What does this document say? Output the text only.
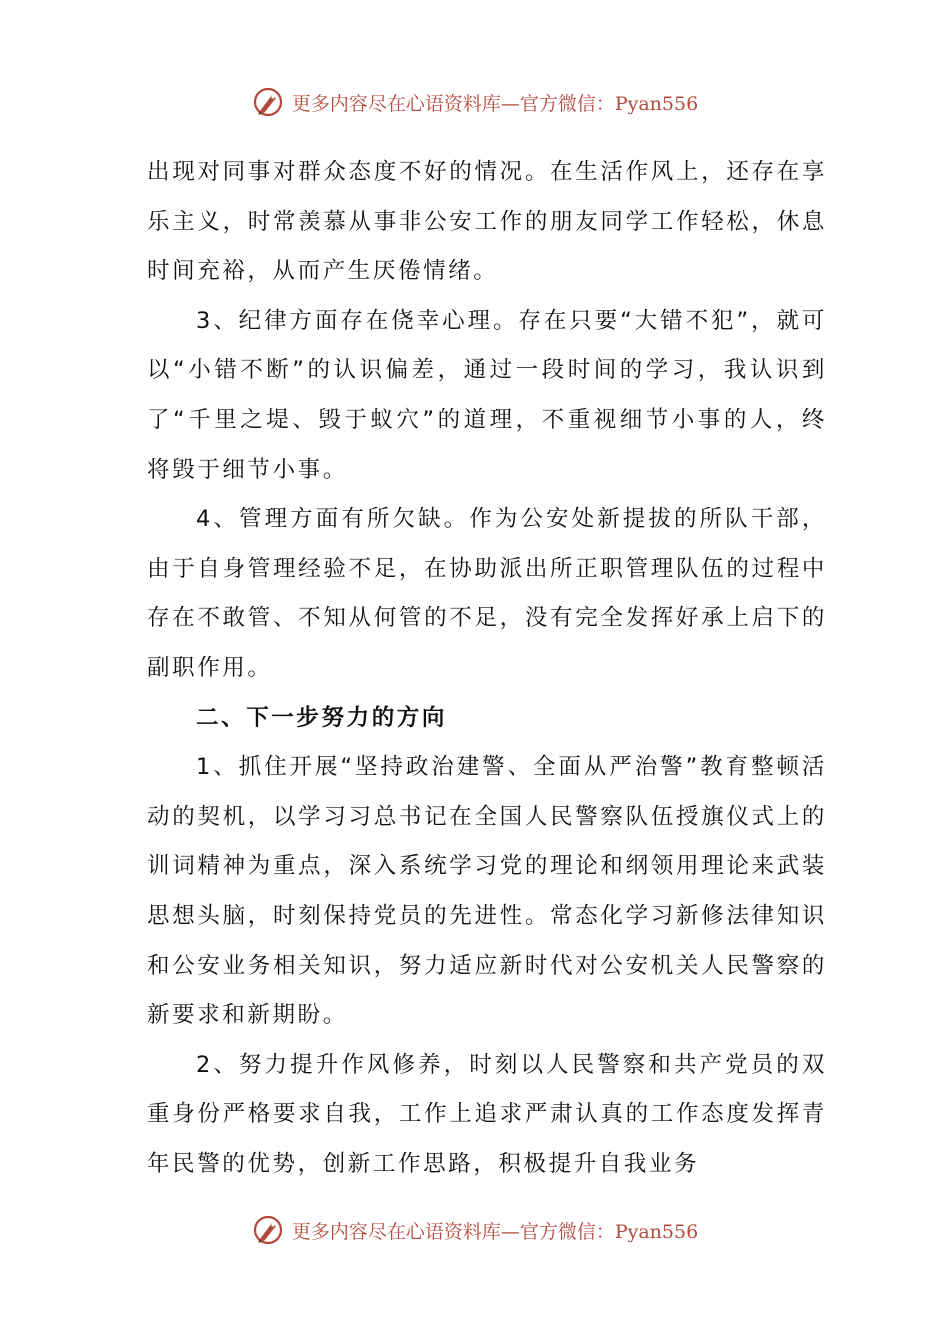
更多内容尽在心语资料库—官方微信：Pyan556

出现对同事对群众态度不好的情况。在生活作风上，还存在享乐主义，时常羡慕从事非公安工作的朋友同学工作轻松，休息时间充裕，从而产生厌倦情绪。

3、纪律方面存在侥幸心理。存在只要“大错不犯”，就可以“小错不断”的认识偏差，通过一段时间的学习，我认识到了“千里之堤、毁于蚁穴”的道理，不重视细节小事的人，终将毁于细节小事。

4、管理方面有所欠缺。作为公安处新提拔的所队干部，由于自身管理经验不足，在协助派出所正职管理队伍的过程中存在不敢管、不知从何管的不足，没有完全发挥好承上启下的副职作用。

二、下一步努力的方向

1、抓住开展“坚持政治建警、全面从严治警”教育整顿活动的契机，以学习习总书记在全国人民警察队伍授旗仪式上的训词精神为重点，深入系统学习党的理论和纲领用理论来武装思想头脑，时刻保持党员的先进性。常态化学习新修法律知识和公安业务相关知识，努力适应新时代对公安机关人民警察的新要求和新期盼。

2、努力提升作风修养，时刻以人民警察和共产党员的双重身份严格要求自我，工作上追求严肃认真的工作态度发挥青年民警的优势，创新工作思路，积极提升自我业务

更多内容尽在心语资料库—官方微信：Pyan556
